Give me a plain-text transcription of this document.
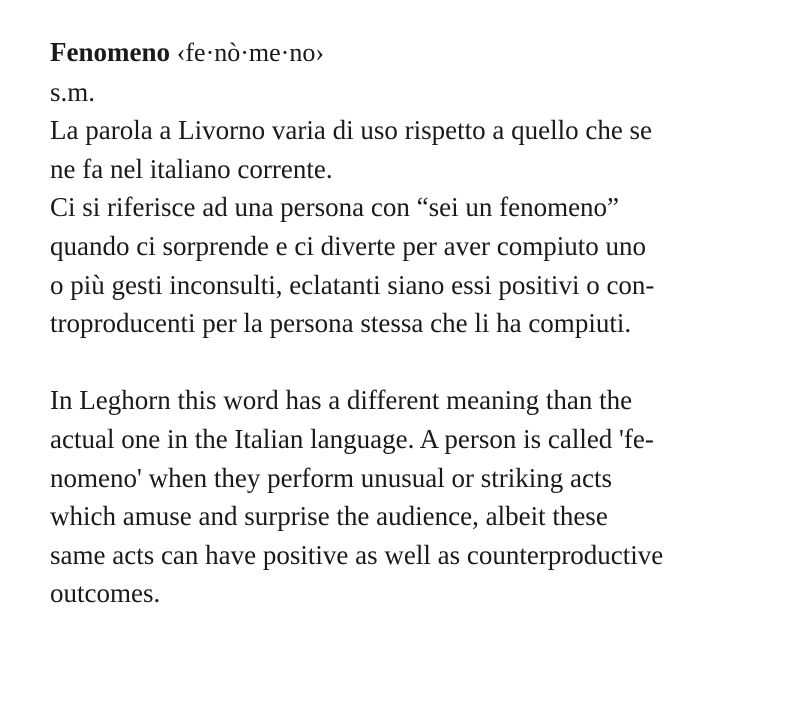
Fenomeno ‹fe·nò·me·no›
s.m.
La parola a Livorno varia di uso rispetto a quello che se
ne fa nel italiano corrente.
Ci si riferisce ad una persona con “sei un fenomeno”
quando ci sorprende e ci diverte per aver compiuto uno
o più gesti inconsulti, eclatanti siano essi positivi o con-
troproducenti per la persona stessa che li ha compiuti.
In Leghorn this word has a different meaning than the
actual one in the Italian language. A person is called 'fe-
nomeno' when they perform unusual or striking acts
which amuse and surprise the audience, albeit these
same acts can have positive as well as counterproductive
outcomes.
